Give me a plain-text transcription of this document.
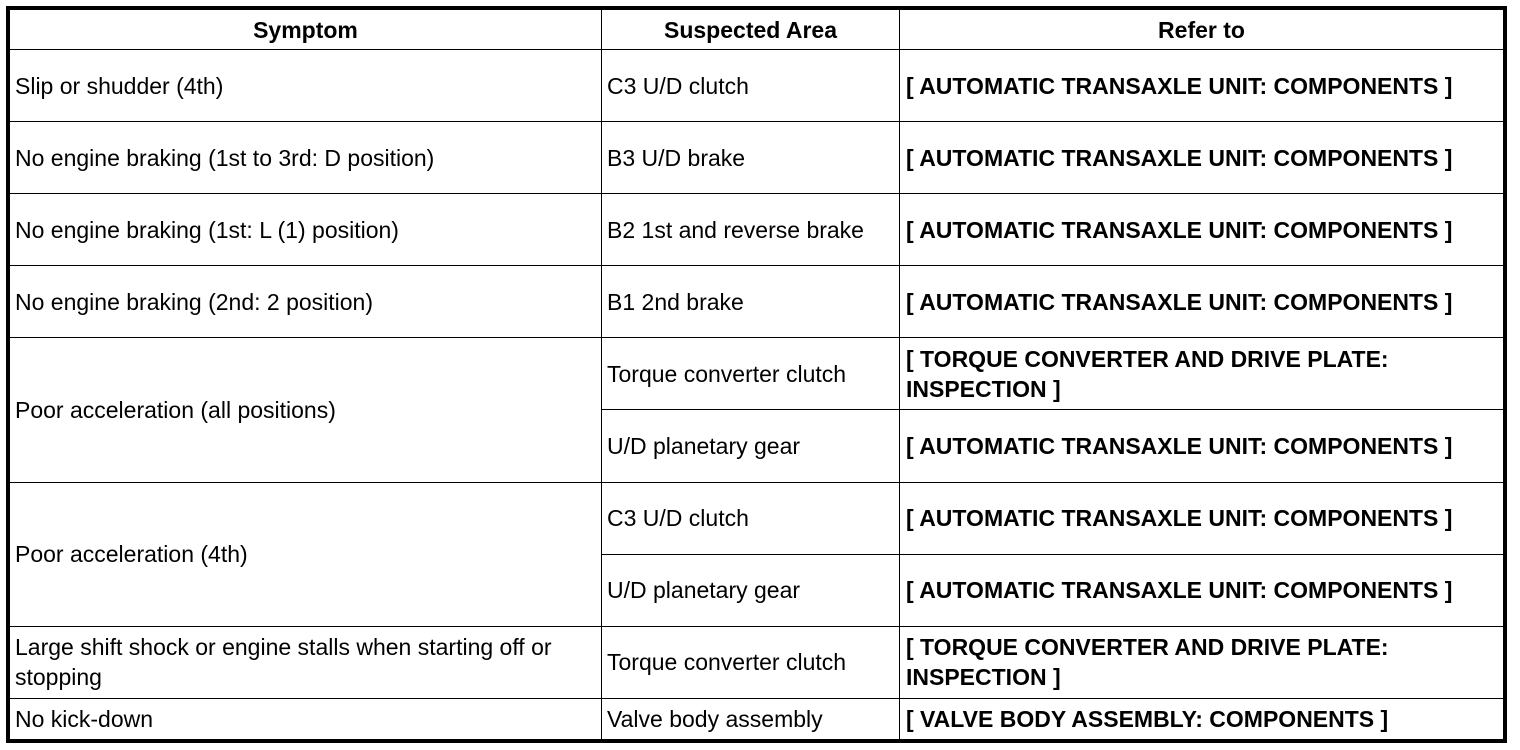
Symptom	Suspected Area	Refer to
Slip or shudder (4th)	C3 U/D clutch	[ AUTOMATIC TRANSAXLE UNIT: COMPONENTS ]
No engine braking (1st to 3rd: D position)	B3 U/D brake	[ AUTOMATIC TRANSAXLE UNIT: COMPONENTS ]
No engine braking (1st: L (1) position)	B2 1st and reverse brake	[ AUTOMATIC TRANSAXLE UNIT: COMPONENTS ]
No engine braking (2nd: 2 position)	B1 2nd brake	[ AUTOMATIC TRANSAXLE UNIT: COMPONENTS ]
Poor acceleration (all positions)	Torque converter clutch	[ TORQUE CONVERTER AND DRIVE PLATE: INSPECTION ]
	U/D planetary gear	[ AUTOMATIC TRANSAXLE UNIT: COMPONENTS ]
Poor acceleration (4th)	C3 U/D clutch	[ AUTOMATIC TRANSAXLE UNIT: COMPONENTS ]
	U/D planetary gear	[ AUTOMATIC TRANSAXLE UNIT: COMPONENTS ]
Large shift shock or engine stalls when starting off or stopping	Torque converter clutch	[ TORQUE CONVERTER AND DRIVE PLATE: INSPECTION ]
No kick-down	Valve body assembly	[ VALVE BODY ASSEMBLY: COMPONENTS ]
